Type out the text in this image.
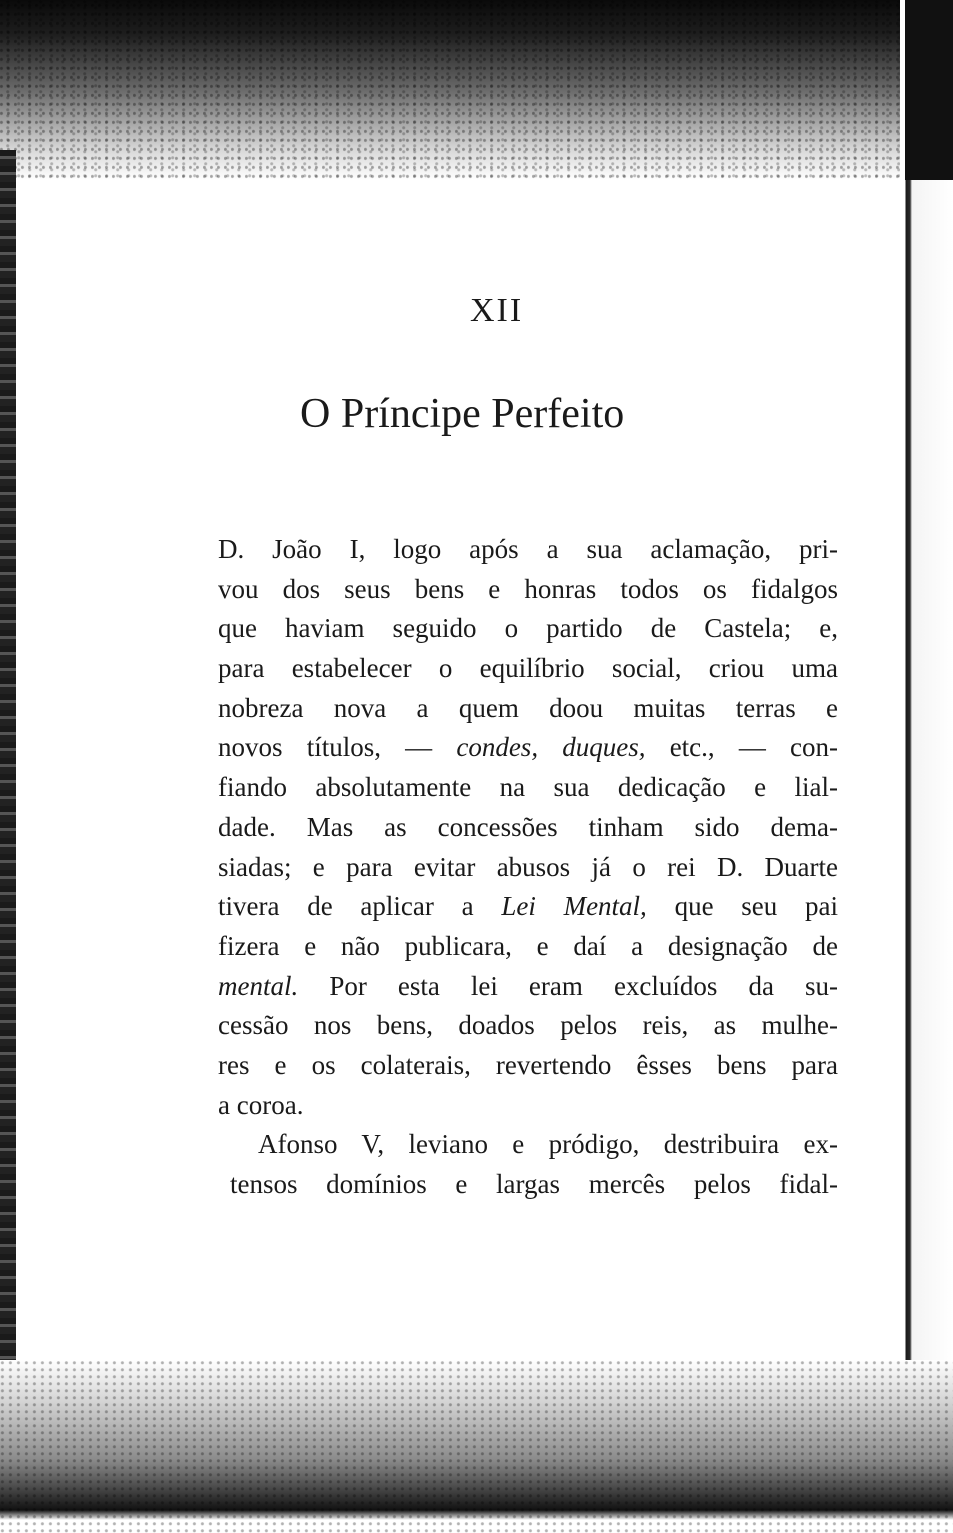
XII
O Príncipe Perfeito
D. João I, logo após a sua aclamação, pri-
vou dos seus bens e honras todos os fidalgos
que haviam seguido o partido de Castela; e,
para estabelecer o equilíbrio social, criou uma
nobreza nova a quem doou muitas terras e
novos títulos, — condes, duques, etc., — con-
fiando absolutamente na sua dedicação e lial-
dade. Mas as concessões tinham sido dema-
siadas; e para evitar abusos já o rei D. Duarte
tivera de aplicar a Lei Mental, que seu pai
fizera e não publicara, e daí a designação de
mental. Por esta lei eram excluídos da su-
cessão nos bens, doados pelos reis, as mulhe-
res e os colaterais, revertendo êsses bens para
a coroa.
Afonso V, leviano e pródigo, destribuira ex-
tensos domínios e largas mercês pelos fidal-
